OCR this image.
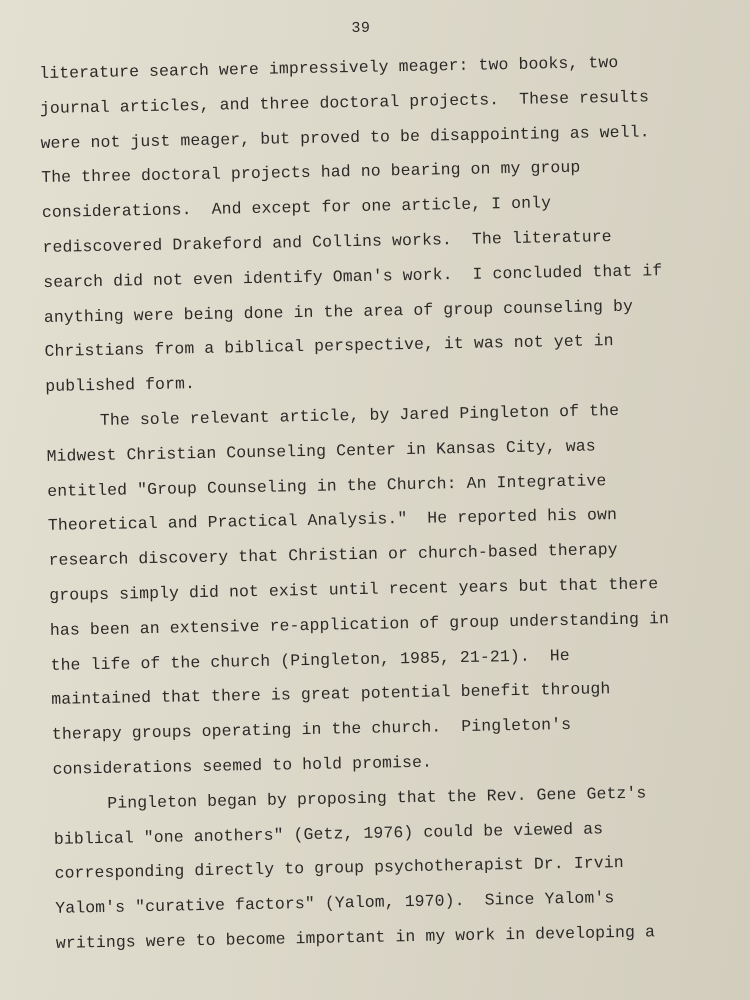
39
literature search were impressively meager: two books, two
journal articles, and three doctoral projects.  These results
were not just meager, but proved to be disappointing as well.
The three doctoral projects had no bearing on my group
considerations.  And except for one article, I only
rediscovered Drakeford and Collins works.  The literature
search did not even identify Oman's work.  I concluded that if
anything were being done in the area of group counseling by
Christians from a biblical perspective, it was not yet in
published form.
The sole relevant article, by Jared Pingleton of the
Midwest Christian Counseling Center in Kansas City, was
entitled "Group Counseling in the Church: An Integrative
Theoretical and Practical Analysis."  He reported his own
research discovery that Christian or church-based therapy
groups simply did not exist until recent years but that there
has been an extensive re-application of group understanding in
the life of the church (Pingleton, 1985, 21-21).  He
maintained that there is great potential benefit through
therapy groups operating in the church.  Pingleton's
considerations seemed to hold promise.
Pingleton began by proposing that the Rev. Gene Getz's
biblical "one anothers" (Getz, 1976) could be viewed as
corresponding directly to group psychotherapist Dr. Irvin
Yalom's "curative factors" (Yalom, 1970).  Since Yalom's
writings were to become important in my work in developing a
